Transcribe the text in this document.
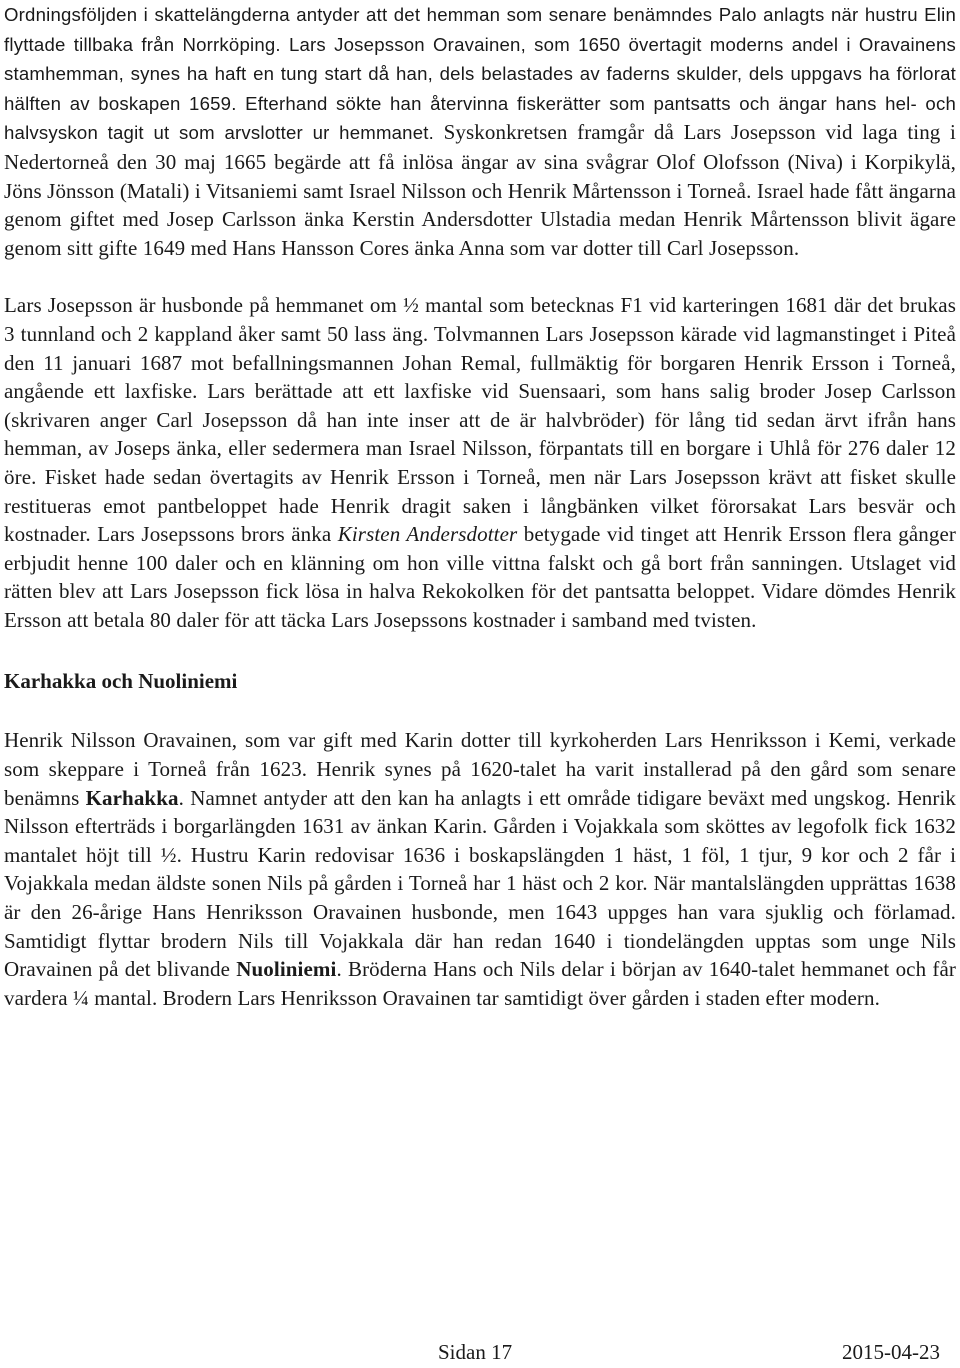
Ordningsföljden i skattelängderna antyder att det hemman som senare benämndes Palo anlagts när hustru Elin flyttade tillbaka från Norrköping. Lars Josepsson Oravainen, som 1650 övertagit moderns andel i Oravainens stamhemman, synes ha haft en tung start då han, dels belastades av faderns skulder, dels uppgavs ha förlorat hälften av boskapen 1659. Efterhand sökte han återvinna fiskerätter som pantsatts och ängar hans hel- och halvsyskon tagit ut som arvslotter ur hemmanet. Syskonkretsen framgår då Lars Josepsson vid laga ting i Nedertorneå den 30 maj 1665 begärde att få inlösa ängar av sina svågrar Olof Olofsson (Niva) i Korpikylä, Jöns Jönsson (Matali) i Vitsaniemi samt Israel Nilsson och Henrik Mårtensson i Torneå. Israel hade fått ängarna genom giftet med Josep Carlsson änka Kerstin Andersdotter Ulstadia medan Henrik Mårtensson blivit ägare genom sitt gifte 1649 med Hans Hansson Cores änka Anna som var dotter till Carl Josepsson.

Lars Josepsson är husbonde på hemmanet om ½ mantal som betecknas F1 vid karteringen 1681 där det brukas 3 tunnland och 2 kappland åker samt 50 lass äng. Tolvmannen Lars Josepsson kärade vid lagmanstinget i Piteå den 11 januari 1687 mot befallningsmannen Johan Remal, fullmäktig för borgaren Henrik Ersson i Torneå, angående ett laxfiske. Lars berättade att ett laxfiske vid Suensaari, som hans salig broder Josep Carlsson (skrivaren anger Carl Josepsson då han inte inser att de är halvbröder) för lång tid sedan ärvt ifrån hans hemman, av Joseps änka, eller sedermera man Israel Nilsson, förpantats till en borgare i Uhlå för 276 daler 12 öre. Fisket hade sedan övertagits av Henrik Ersson i Torneå, men när Lars Josepsson krävt att fisket skulle restitueras emot pantbeloppet hade Henrik dragit saken i långbänken vilket förorsakat Lars besvär och kostnader. Lars Josepssons brors änka Kirsten Andersdotter betygade vid tinget att Henrik Ersson flera gånger erbjudit henne 100 daler och en klänning om hon ville vittna falskt och gå bort från sanningen. Utslaget vid rätten blev att Lars Josepsson fick lösa in halva Rekokolken för det pantsatta beloppet. Vidare dömdes Henrik Ersson att betala 80 daler för att täcka Lars Josepssons kostnader i samband med tvisten.

Karhakka och Nuoliniemi

Henrik Nilsson Oravainen, som var gift med Karin dotter till kyrkoherden Lars Henriksson i Kemi, verkade som skeppare i Torneå från 1623. Henrik synes på 1620-talet ha varit installerad på den gård som senare benämns Karhakka. Namnet antyder att den kan ha anlagts i ett område tidigare beväxt med ungskog. Henrik Nilsson efterträds i borgarlängden 1631 av änkan Karin. Gården i Vojakkala som sköttes av legofolk fick 1632 mantalet höjt till ½. Hustru Karin redovisar 1636 i boskapslängden 1 häst, 1 föl, 1 tjur, 9 kor och 2 får i Vojakkala medan äldste sonen Nils på gården i Torneå har 1 häst och 2 kor. När mantalslängden upprättas 1638 är den 26-årige Hans Henriksson Oravainen husbonde, men 1643 uppges han vara sjuklig och förlamad. Samtidigt flyttar brodern Nils till Vojakkala där han redan 1640 i tiondelängden upptas som unge Nils Oravainen på det blivande Nuoliniemi. Bröderna Hans och Nils delar i början av 1640-talet hemmanet och får vardera ¼ mantal. Brodern Lars Henriksson Oravainen tar samtidigt över gården i staden efter modern.

Sidan 17	2015-04-23
